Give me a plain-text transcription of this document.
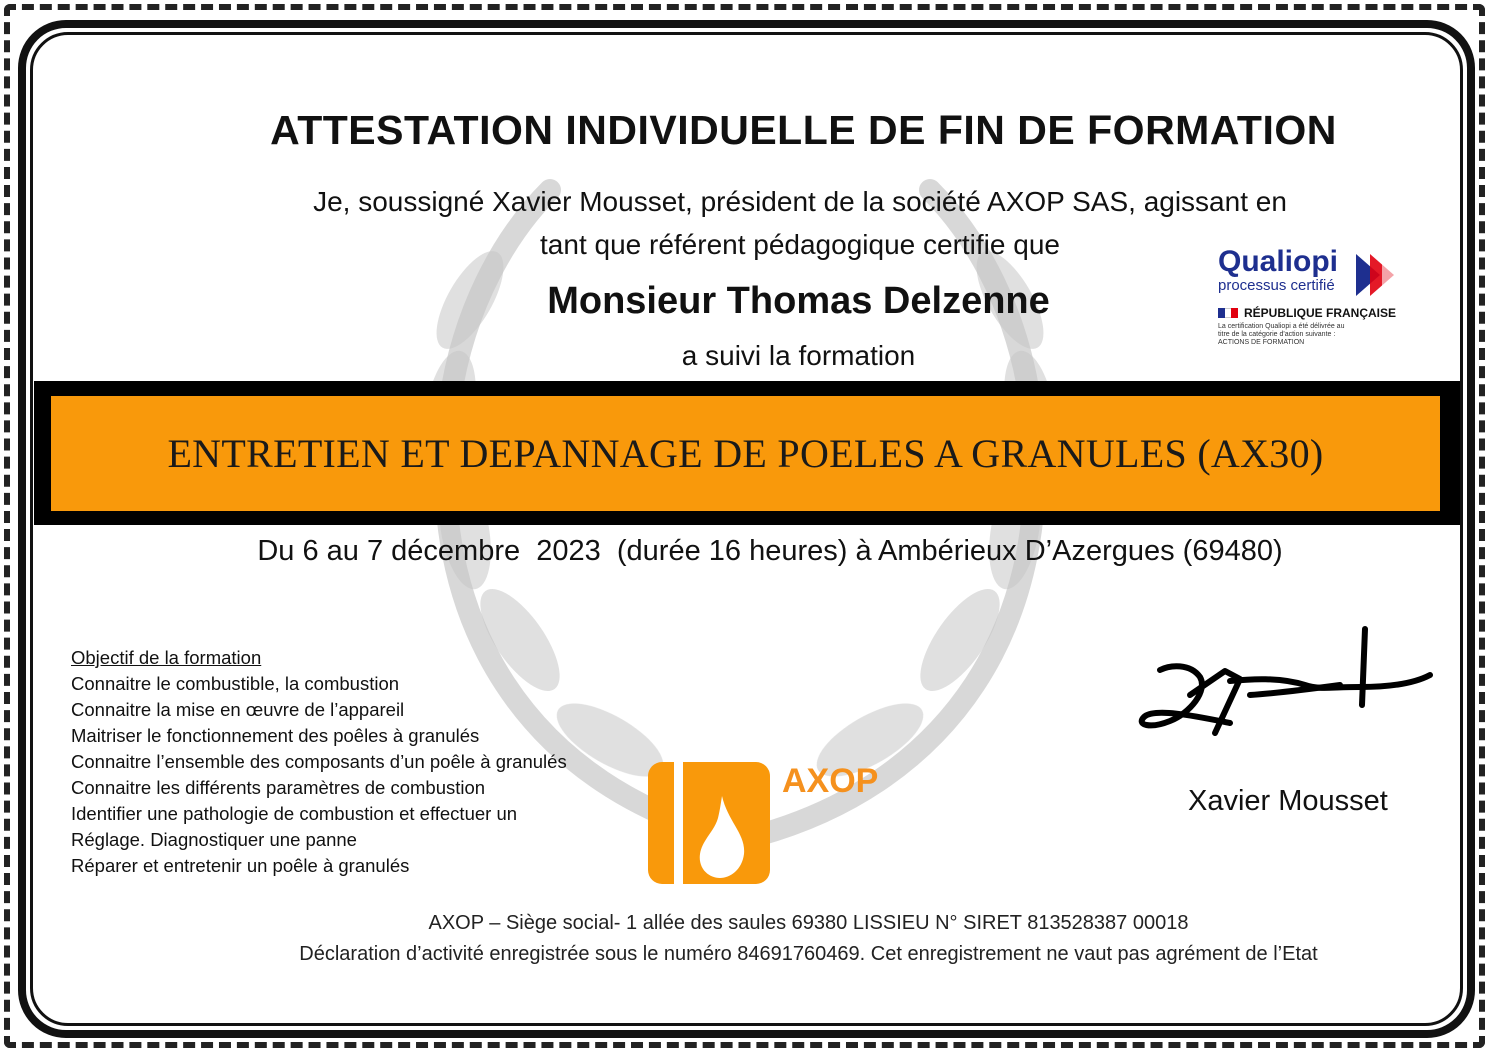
ATTESTATION INDIVIDUELLE DE FIN DE FORMATION
Je, soussigné Xavier Mousset, président de la société AXOP SAS, agissant en
tant que référent pédagogique certifie que
Monsieur Thomas Delzenne
a suivi la formation
Qualiopi
processus certifié
RÉPUBLIQUE FRANÇAISE
La certification Qualiopi a été délivrée au
titre de la catégorie d'action suivante :
ACTIONS DE FORMATION
ENTRETIEN ET DEPANNAGE DE POELES A GRANULES (AX30)
Du 6 au 7 décembre  2023  (durée 16 heures) à Ambérieux D’Azergues (69480)
Objectif de la formation
Connaitre le combustible, la combustion
Connaitre la mise en œuvre de l’appareil
Maitriser le fonctionnement des poêles à granulés
Connaitre l’ensemble des composants d’un poêle à granulés
Connaitre les différents paramètres de combustion
Identifier une pathologie de combustion et effectuer un
Réglage. Diagnostiquer une panne
Réparer et entretenir un poêle à granulés
AXOP
Xavier Mousset
AXOP – Siège social- 1 allée des saules 69380 LISSIEU N° SIRET 813528387 00018
Déclaration d’activité enregistrée sous le numéro 84691760469. Cet enregistrement ne vaut pas agrément de l’Etat
